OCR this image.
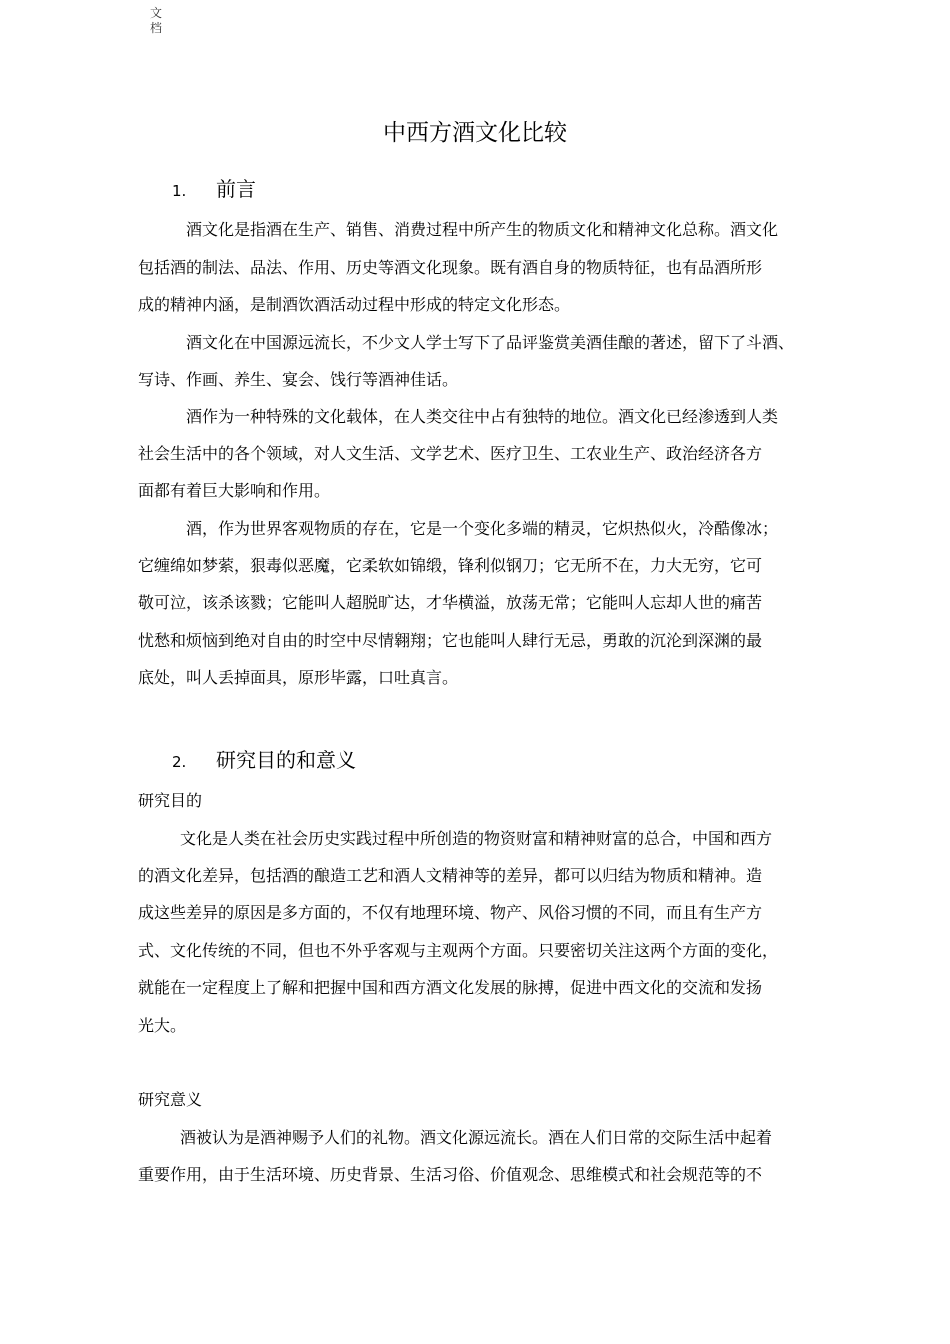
文档
中西方酒文化比较
1. 前言
酒文化是指酒在生产、销售、消费过程中所产生的物质文化和精神文化总称。酒文化
包括酒的制法、品法、作用、历史等酒文化现象。既有酒自身的物质特征，也有品酒所形
成的精神内涵，是制酒饮酒活动过程中形成的特定文化形态。
酒文化在中国源远流长，不少文人学士写下了品评鉴赏美酒佳酿的著述，留下了斗酒、
写诗、作画、养生、宴会、饯行等酒神佳话。
酒作为一种特殊的文化载体，在人类交往中占有独特的地位。酒文化已经渗透到人类
社会生活中的各个领域，对人文生活、文学艺术、医疗卫生、工农业生产、政治经济各方
面都有着巨大影响和作用。
酒，作为世界客观物质的存在，它是一个变化多端的精灵，它炽热似火，冷酷像冰；
它缠绵如梦萦，狠毒似恶魔，它柔软如锦缎，锋利似钢刀；它无所不在，力大无穷，它可
敬可泣，该杀该戮；它能叫人超脱旷达，才华横溢，放荡无常；它能叫人忘却人世的痛苦
忧愁和烦恼到绝对自由的时空中尽情翱翔；它也能叫人肆行无忌，勇敢的沉沦到深渊的最
底处，叫人丢掉面具，原形毕露，口吐真言。
2. 研究目的和意义
研究目的
文化是人类在社会历史实践过程中所创造的物资财富和精神财富的总合，中国和西方
的酒文化差异，包括酒的酿造工艺和酒人文精神等的差异，都可以归结为物质和精神。造
成这些差异的原因是多方面的，不仅有地理环境、物产、风俗习惯的不同，而且有生产方
式、文化传统的不同，但也不外乎客观与主观两个方面。只要密切关注这两个方面的变化，
就能在一定程度上了解和把握中国和西方酒文化发展的脉搏，促进中西文化的交流和发扬
光大。
研究意义
酒被认为是酒神赐予人们的礼物。酒文化源远流长。酒在人们日常的交际生活中起着
重要作用，由于生活环境、历史背景、生活习俗、价值观念、思维模式和社会规范等的不
